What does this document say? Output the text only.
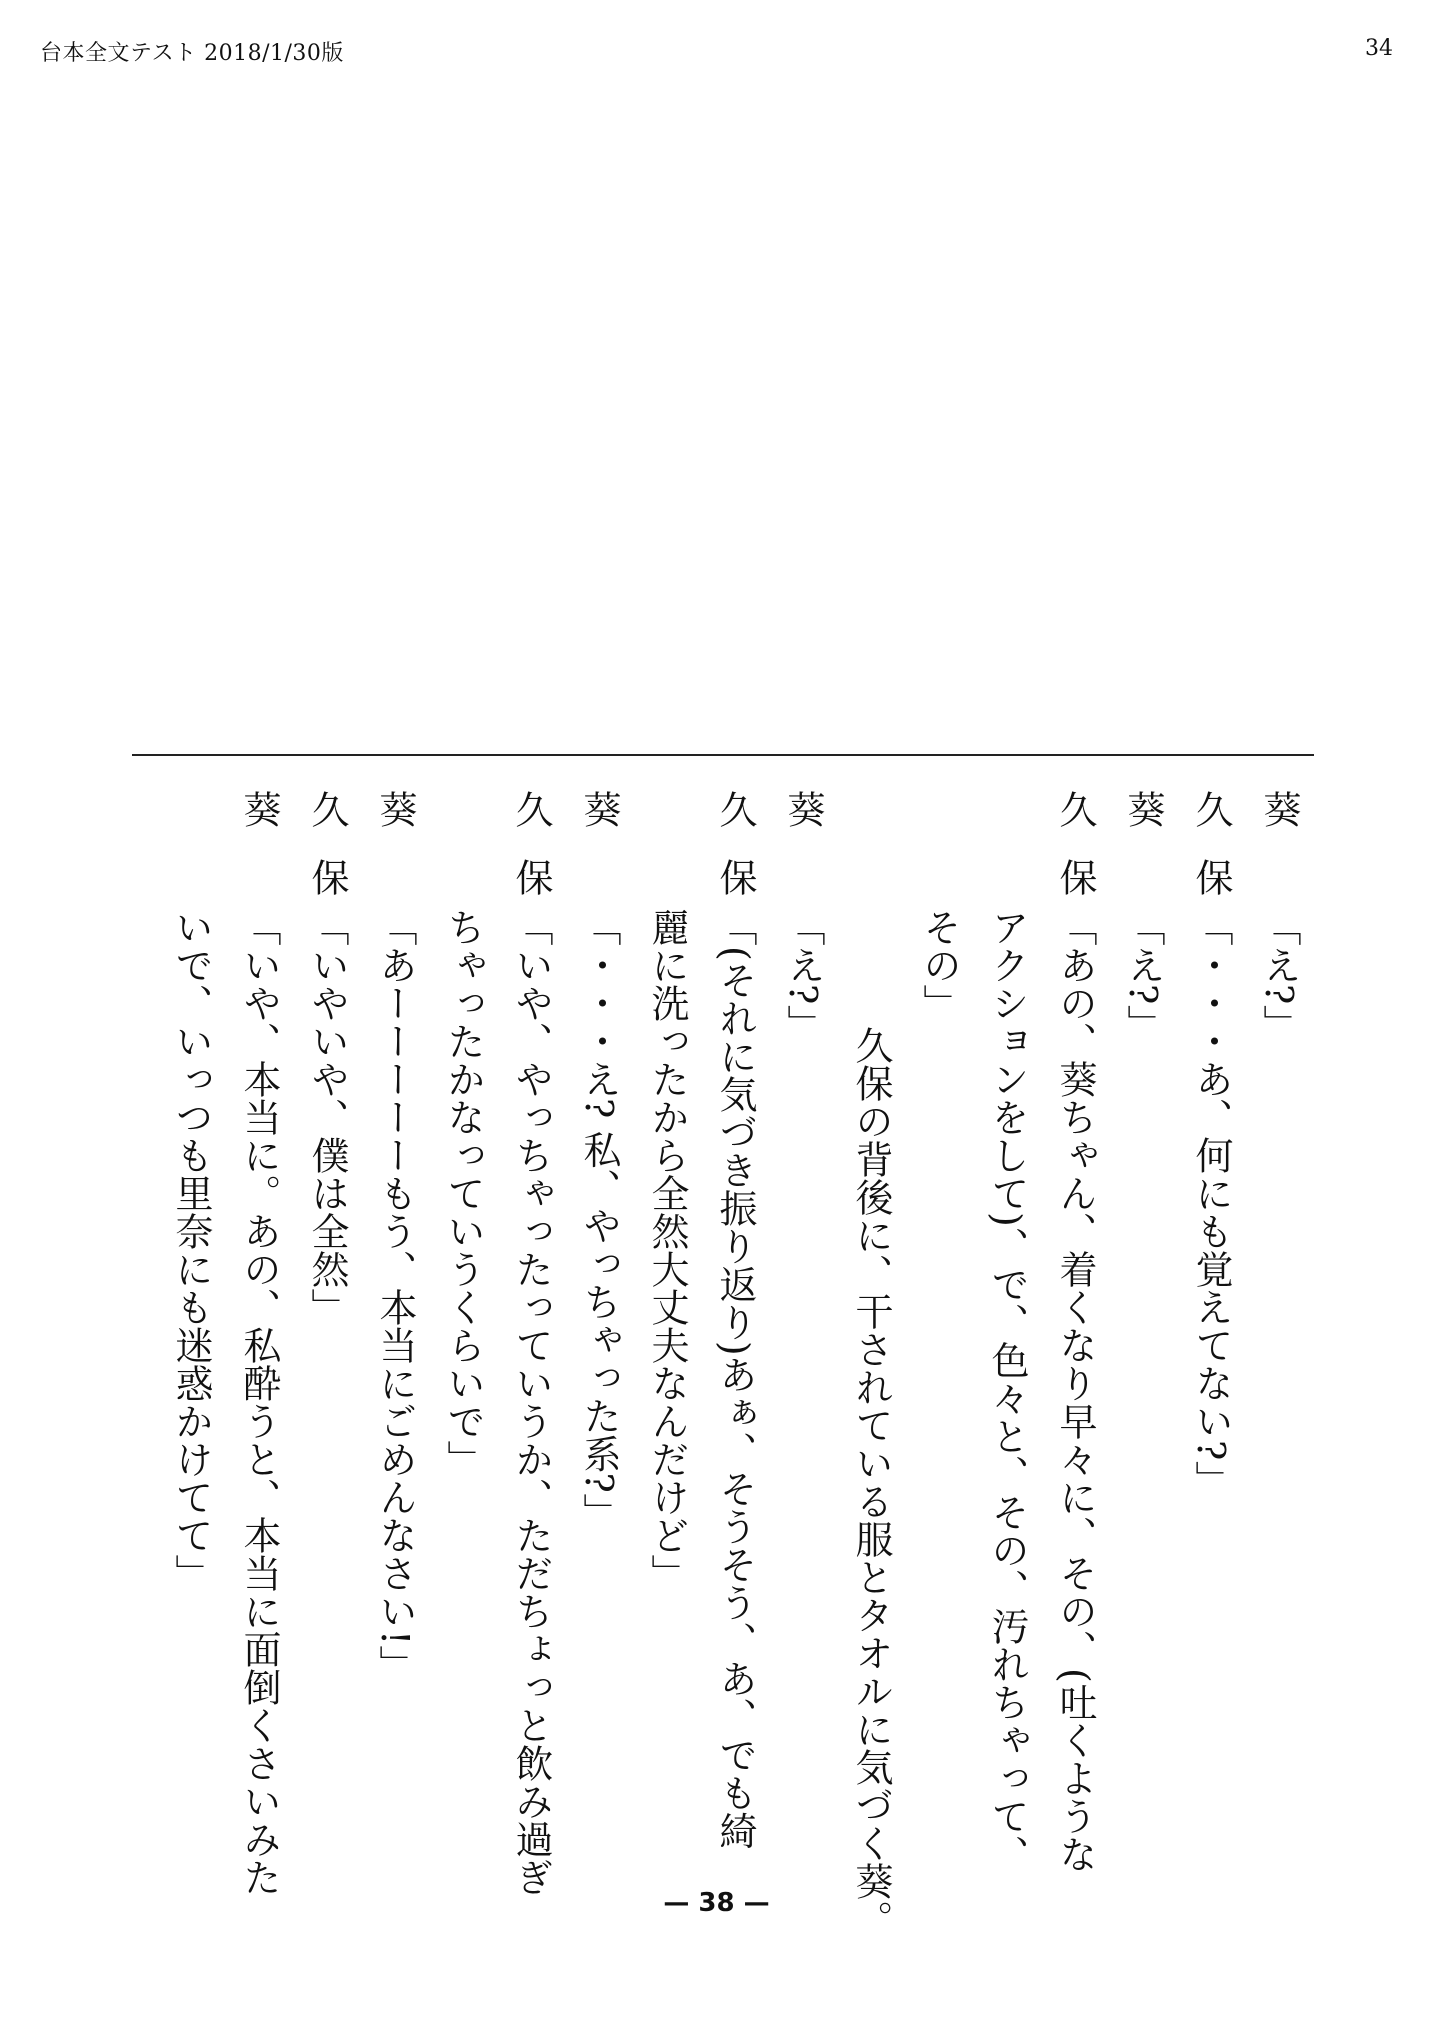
台本全文テスト 2018/1/30版	34
葵「え?」
久保「・・・あ、何にも覚えてない?」
葵「え?」
久保「あの、葵ちゃん、着くなり早々に、その、(吐くような
アクションをして)、で、色々と、その、汚れちゃって、
その」
久保の背後に、干されている服とタオルに気づく葵。
葵「え?」
久保「(それに気づき振り返り)あぁ、そうそう、あ、でも綺
麗に洗ったから全然大丈夫なんだけど」
葵「・・・え? 私、やっちゃった系?」
久保「いや、やっちゃったっていうか、ただちょっと飲み過ぎ
ちゃったかなっていうくらいで」
葵「あーーーーーもう、本当にごめんなさい!」
久保「いやいや、僕は全然」
葵「いや、本当に。あの、私酔うと、本当に面倒くさいみた
いで、いっつも里奈にも迷惑かけてて」
— 38 —
